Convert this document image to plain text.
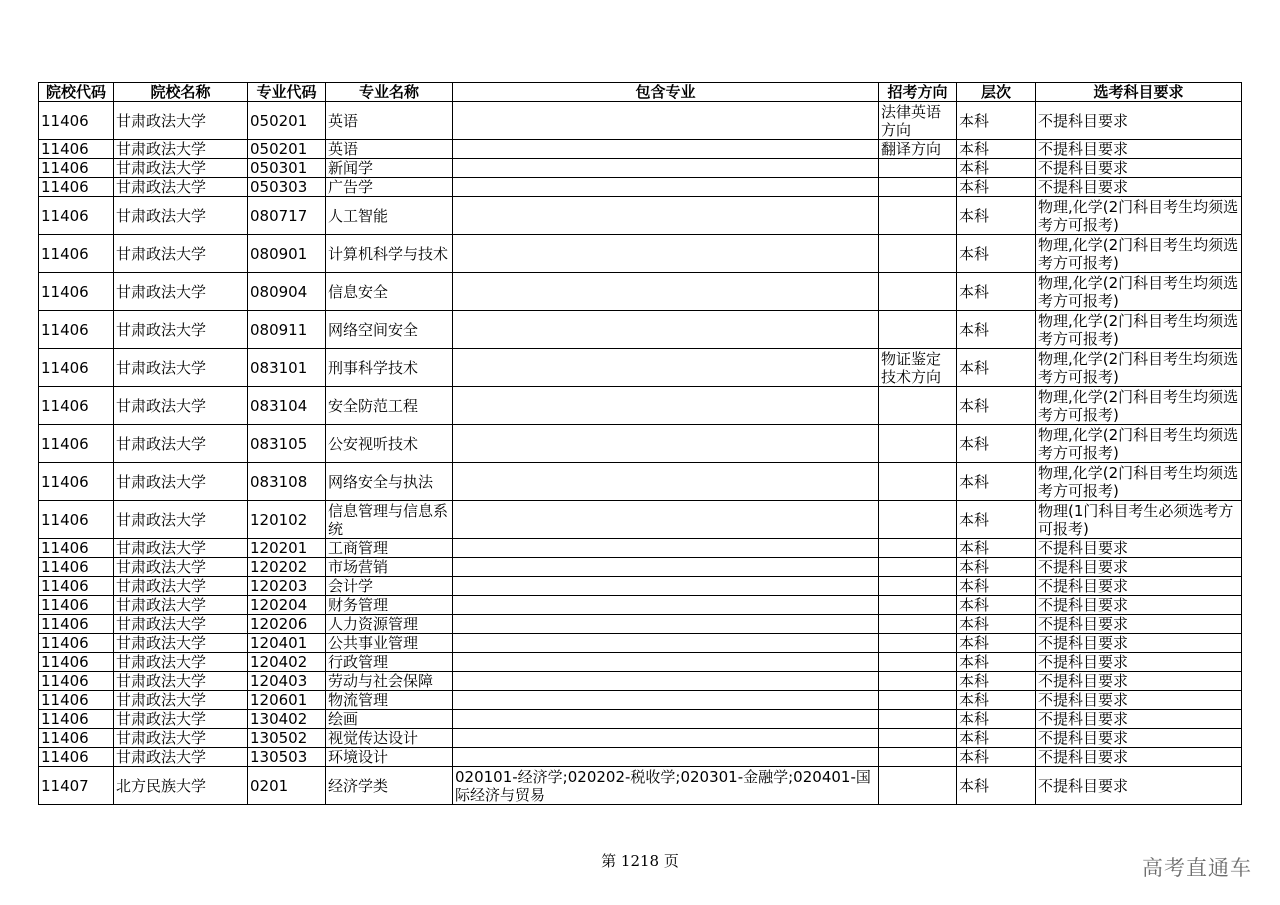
院校代码	院校名称	专业代码	专业名称	包含专业	招考方向	层次	选考科目要求
11406	甘肃政法大学	050201	英语		法律英语方向	本科	不提科目要求
11406	甘肃政法大学	050201	英语		翻译方向	本科	不提科目要求
11406	甘肃政法大学	050301	新闻学			本科	不提科目要求
11406	甘肃政法大学	050303	广告学			本科	不提科目要求
11406	甘肃政法大学	080717	人工智能			本科	物理,化学(2门科目考生均须选考方可报考)
11406	甘肃政法大学	080901	计算机科学与技术			本科	物理,化学(2门科目考生均须选考方可报考)
11406	甘肃政法大学	080904	信息安全			本科	物理,化学(2门科目考生均须选考方可报考)
11406	甘肃政法大学	080911	网络空间安全			本科	物理,化学(2门科目考生均须选考方可报考)
11406	甘肃政法大学	083101	刑事科学技术		物证鉴定技术方向	本科	物理,化学(2门科目考生均须选考方可报考)
11406	甘肃政法大学	083104	安全防范工程			本科	物理,化学(2门科目考生均须选考方可报考)
11406	甘肃政法大学	083105	公安视听技术			本科	物理,化学(2门科目考生均须选考方可报考)
11406	甘肃政法大学	083108	网络安全与执法			本科	物理,化学(2门科目考生均须选考方可报考)
11406	甘肃政法大学	120102	信息管理与信息系统			本科	物理(1门科目考生必须选考方可报考)
11406	甘肃政法大学	120201	工商管理			本科	不提科目要求
11406	甘肃政法大学	120202	市场营销			本科	不提科目要求
11406	甘肃政法大学	120203	会计学			本科	不提科目要求
11406	甘肃政法大学	120204	财务管理			本科	不提科目要求
11406	甘肃政法大学	120206	人力资源管理			本科	不提科目要求
11406	甘肃政法大学	120401	公共事业管理			本科	不提科目要求
11406	甘肃政法大学	120402	行政管理			本科	不提科目要求
11406	甘肃政法大学	120403	劳动与社会保障			本科	不提科目要求
11406	甘肃政法大学	120601	物流管理			本科	不提科目要求
11406	甘肃政法大学	130402	绘画			本科	不提科目要求
11406	甘肃政法大学	130502	视觉传达设计			本科	不提科目要求
11406	甘肃政法大学	130503	环境设计			本科	不提科目要求
11407	北方民族大学	0201	经济学类	020101-经济学;020202-税收学;020301-金融学;020401-国际经济与贸易		本科	不提科目要求
第 1218 页	高考直通车
